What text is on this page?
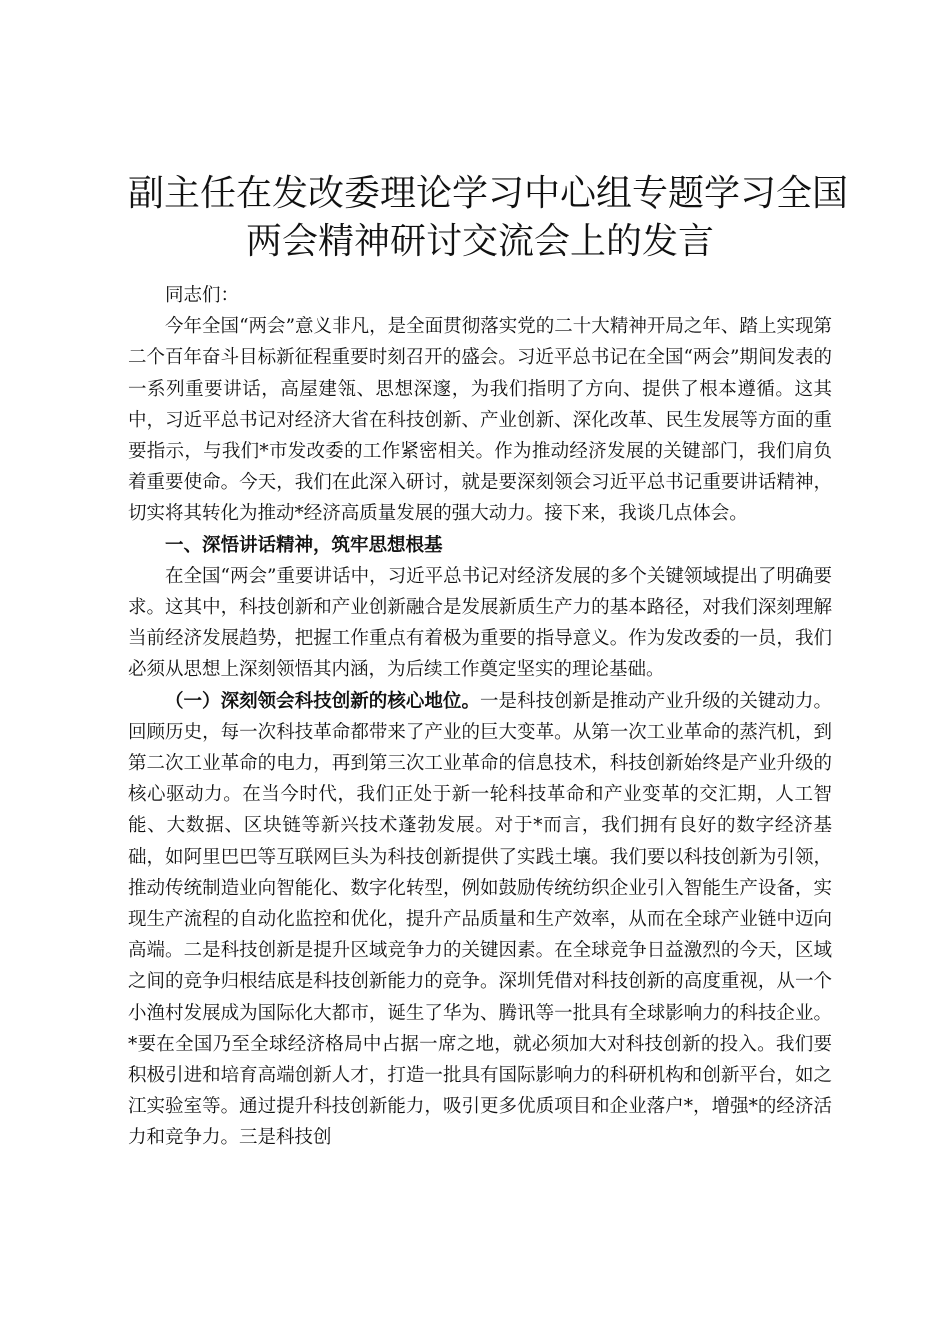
副主任在发改委理论学习中心组专题学习全国
两会精神研讨交流会上的发言

同志们：

今年全国“两会”意义非凡，是全面贯彻落实党的二十大精神开局之年、踏上实现第二个百年奋斗目标新征程重要时刻召开的盛会。习近平总书记在全国“两会”期间发表的一系列重要讲话，高屋建瓴、思想深邃，为我们指明了方向、提供了根本遵循。这其中，习近平总书记对经济大省在科技创新、产业创新、深化改革、民生发展等方面的重要指示，与我们*市发改委的工作紧密相关。作为推动经济发展的关键部门，我们肩负着重要使命。今天，我们在此深入研讨，就是要深刻领会习近平总书记重要讲话精神，切实将其转化为推动*经济高质量发展的强大动力。接下来，我谈几点体会。

一、深悟讲话精神，筑牢思想根基

在全国“两会”重要讲话中，习近平总书记对经济发展的多个关键领域提出了明确要求。这其中，科技创新和产业创新融合是发展新质生产力的基本路径，对我们深刻理解当前经济发展趋势，把握工作重点有着极为重要的指导意义。作为发改委的一员，我们必须从思想上深刻领悟其内涵，为后续工作奠定坚实的理论基础。

（一）深刻领会科技创新的核心地位。一是科技创新是推动产业升级的关键动力。回顾历史，每一次科技革命都带来了产业的巨大变革。从第一次工业革命的蒸汽机，到第二次工业革命的电力，再到第三次工业革命的信息技术，科技创新始终是产业升级的核心驱动力。在当今时代，我们正处于新一轮科技革命和产业变革的交汇期，人工智能、大数据、区块链等新兴技术蓬勃发展。对于*而言，我们拥有良好的数字经济基础，如阿里巴巴等互联网巨头为科技创新提供了实践土壤。我们要以科技创新为引领，推动传统制造业向智能化、数字化转型，例如鼓励传统纺织企业引入智能生产设备，实现生产流程的自动化监控和优化，提升产品质量和生产效率，从而在全球产业链中迈向高端。二是科技创新是提升区域竞争力的关键因素。在全球竞争日益激烈的今天，区域之间的竞争归根结底是科技创新能力的竞争。深圳凭借对科技创新的高度重视，从一个小渔村发展成为国际化大都市，诞生了华为、腾讯等一批具有全球影响力的科技企业。*要在全国乃至全球经济格局中占据一席之地，就必须加大对科技创新的投入。我们要积极引进和培育高端创新人才，打造一批具有国际影响力的科研机构和创新平台，如之江实验室等。通过提升科技创新能力，吸引更多优质项目和企业落户*，增强*的经济活力和竞争力。三是科技创
